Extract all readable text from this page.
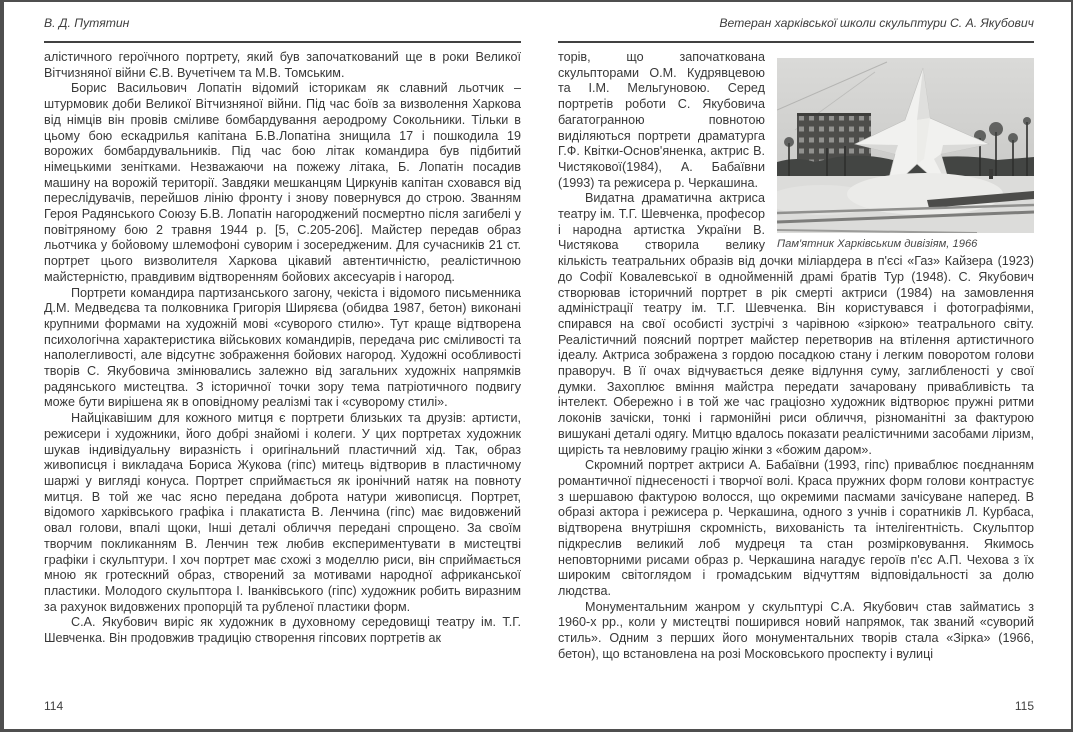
В. Д. Путятин

алістичного героїчного портрету, який був започаткований ще в роки Великої Вітчизняної війни Є.В. Вучетічем та М.В. Томським.

Борис Васильович Лопатін відомий історикам як славний льотчик –штурмовик доби Великої Вітчизняної війни. Під час боїв за визволення Харкова від німців він провів сміливе бомбардування аеродрому Сокольники. Тільки в цьому бою ескадрилья капітана Б.В.Лопатіна знищила 17 і пошкодила 19 ворожих бомбардувальників. Під час бою літак командира був підбитий німецькими зенітками. Незважаючи на пожежу літака, Б. Лопатін посадив машину на ворожій території. Завдяки мешканцям Циркунів капітан сховався від переслідувачів, перейшов лінію фронту і знову повернувся до строю. Званням Героя Радянського Союзу Б.В. Лопатін нагороджений посмертно після загибелі у повітряному бою 2 травня 1944 р. [5, С.205-206]. Майстер передав образ льотчика у бойовому шлемофоні суворим і зосередженим. Для сучасників 21 ст. портрет цього визволителя Харкова цікавий автентичністю, реалістичною майстерністю, правдивим відтворенням бойових аксесуарів і нагород.

Портрети командира партизанського загону, чекіста і відомого письменника Д.М. Медведєва та полковника Григорія Ширяєва (обидва 1987, бетон) виконані крупними формами на художній мові «суворого стилю». Тут краще відтворена психологічна характеристика військових командирів, передача рис сміливості та наполегливості, але відсутнє зображення бойових нагород. Художні особливості творів С. Якубовича змінювались залежно від загальних художніх напрямків радянського мистецтва. З історичної точки зору тема патріотичного подвигу може бути вирішена як в оповідному реалізмі так і «суворому стилі».

Найцікавішим для кожного митця є портрети близьких та друзів: артисти, режисери і художники, його добрі знайомі і колеги. У цих портретах художник шукав індивідуальну виразність і оригінальний пластичний хід. Так, образ живописця і викладача Бориса Жукова (гіпс) митець відтворив в пластичному шаржі у вигляді конуса. Портрет сприймається як іронічний натяк на повноту митця. В той же час ясно передана доброта натури живописця. Портрет, відомого харківського графіка і плакатиста В. Ленчина (гіпс) має видовжений овал голови, впалі щоки, Інші деталі обличчя передані спрощено. За своїм творчим покликанням В. Ленчин теж любив експериментувати в мистецтві графіки і скульптури. І хоч портрет має схожі з моделлю риси, він сприймається мною як гротескний образ, створений за мотивами народної африканської пластики. Молодого скульптора І. Іванківського (гіпс) художник робить виразним за рахунок видовжених пропорцій та рубленої пластики форм.

С.А. Якубович виріс як художник в духовному середовищі театру ім. Т.Г. Шевченка. Він продовжив традицію створення гіпсових портретів ак

114
Ветеран харківської школи скульптури С. А. Якубович
Пам'ятник Харківським дивізіям, 1966

торів, що започаткована скульпторами О.М. Кудрявцевою та І.М. Мельгуновою. Серед портретів роботи С. Якубовича багатогранною повнотою виділяються портрети драматурга Г.Ф. Квітки-Основ'яненка, актрис В. Чистякової(1984), А. Бабаївни (1993) та режисера р. Черкашина.

Видатна драматична актриса театру ім. Т.Г. Шевченка, професор і народна артистка України В. Чистякова створила велику кількість театральних образів від дочки міліардера в п'єсі «Газ» Кайзера (1923) до Софії Ковалевської в однойменній драмі братів Тур (1948). С. Якубович створював історичний портрет в рік смерті актриси (1984) на замовлення адміністрації театру ім. Т.Г. Шевченка. Він користувався і фотографіями, спирався на свої особисті зустрічі з чарівною «зіркою» театрального світу. Реалістичний поясний портрет майстер перетворив на втілення артистичного ідеалу. Актриса зображена з гордою посадкою стану і легким поворотом голови праворуч. В її очах відчувається деяке відлуння суму, заглибленості у свої думки. Захоплює вміння майстра передати зачаровану привабливість та інтелект. Обережно і в той же час граціозно художник відтворює пружні ритми локонів зачіски, тонкі і гармонійні риси обличчя, різноманітні за фактурою вишукані деталі одягу. Митцю вдалось показати реалістичними засобами ліризм, щирість та невловиму грацію жінки з «божим даром».

Скромний портрет актриси А. Бабаївни (1993, гіпс) приваблює поєднанням романтичної піднесеності і творчої волі. Краса пружних форм голови контрастує з шершавою фактурою волосся, що окремими пасмами зачісуване наперед. В образі актора і режисера р. Черкашина, одного з учнів і соратників Л. Курбаса, відтворена внутрішня скромність, вихованість та інтелігентність. Скульптор підкреслив великий лоб мудреця та стан розмірковування. Якимось неповторними рисами образ р. Черкашина нагадує героїв п'єс А.П. Чехова з їх широким світоглядом і громадським відчуттям відповідальності за долю людства.

Монументальним жанром у скульптурі С.А. Якубович став займатись з 1960-х рр., коли у мистецтві поширився новий напрямок, так званий «суворий стиль». Одним з перших його монументальних творів стала «Зірка» (1966, бетон), що встановлена на розі Московського проспекту і вулиці

115
